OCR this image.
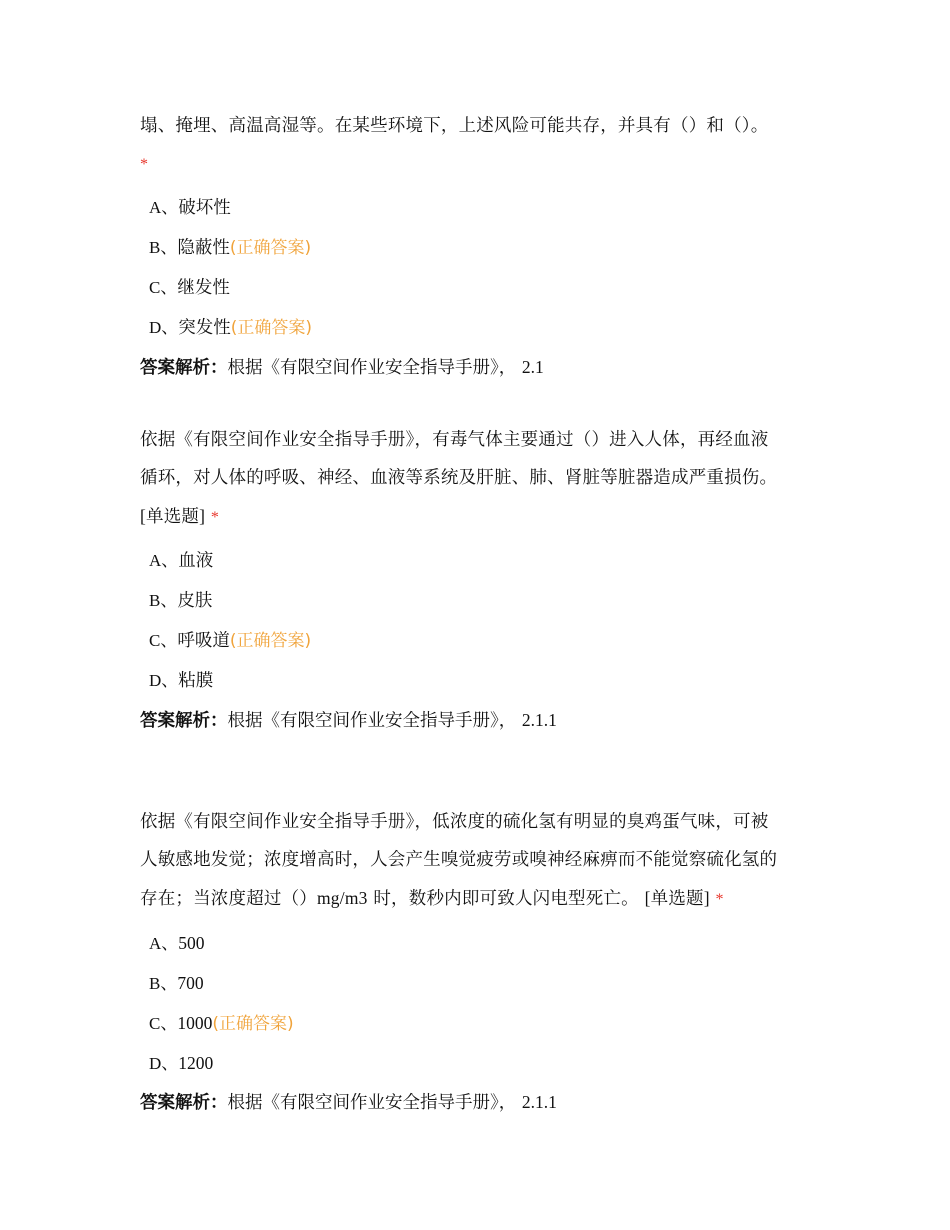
塌、掩埋、高温高湿等。在某些环境下，上述风险可能共存，并具有（）和（）。
*

A、破坏性
B、隐蔽性(正确答案)
C、继发性
D、突发性(正确答案)
答案解析：根据《有限空间作业安全指导手册》， 2.1

依据《有限空间作业安全指导手册》，有毒气体主要通过（）进入人体，再经血液
循环，对人体的呼吸、神经、血液等系统及肝脏、肺、肾脏等脏器造成严重损伤。
[单选题] *

A、血液
B、皮肤
C、呼吸道(正确答案)
D、粘膜
答案解析：根据《有限空间作业安全指导手册》， 2.1.1

依据《有限空间作业安全指导手册》，低浓度的硫化氢有明显的臭鸡蛋气味，可被
人敏感地发觉；浓度增高时，人会产生嗅觉疲劳或嗅神经麻痹而不能觉察硫化氢的
存在；当浓度超过（）mg/m3 时，数秒内即可致人闪电型死亡。 [单选题] *

A、500
B、700
C、1000(正确答案)
D、1200
答案解析：根据《有限空间作业安全指导手册》， 2.1.1
